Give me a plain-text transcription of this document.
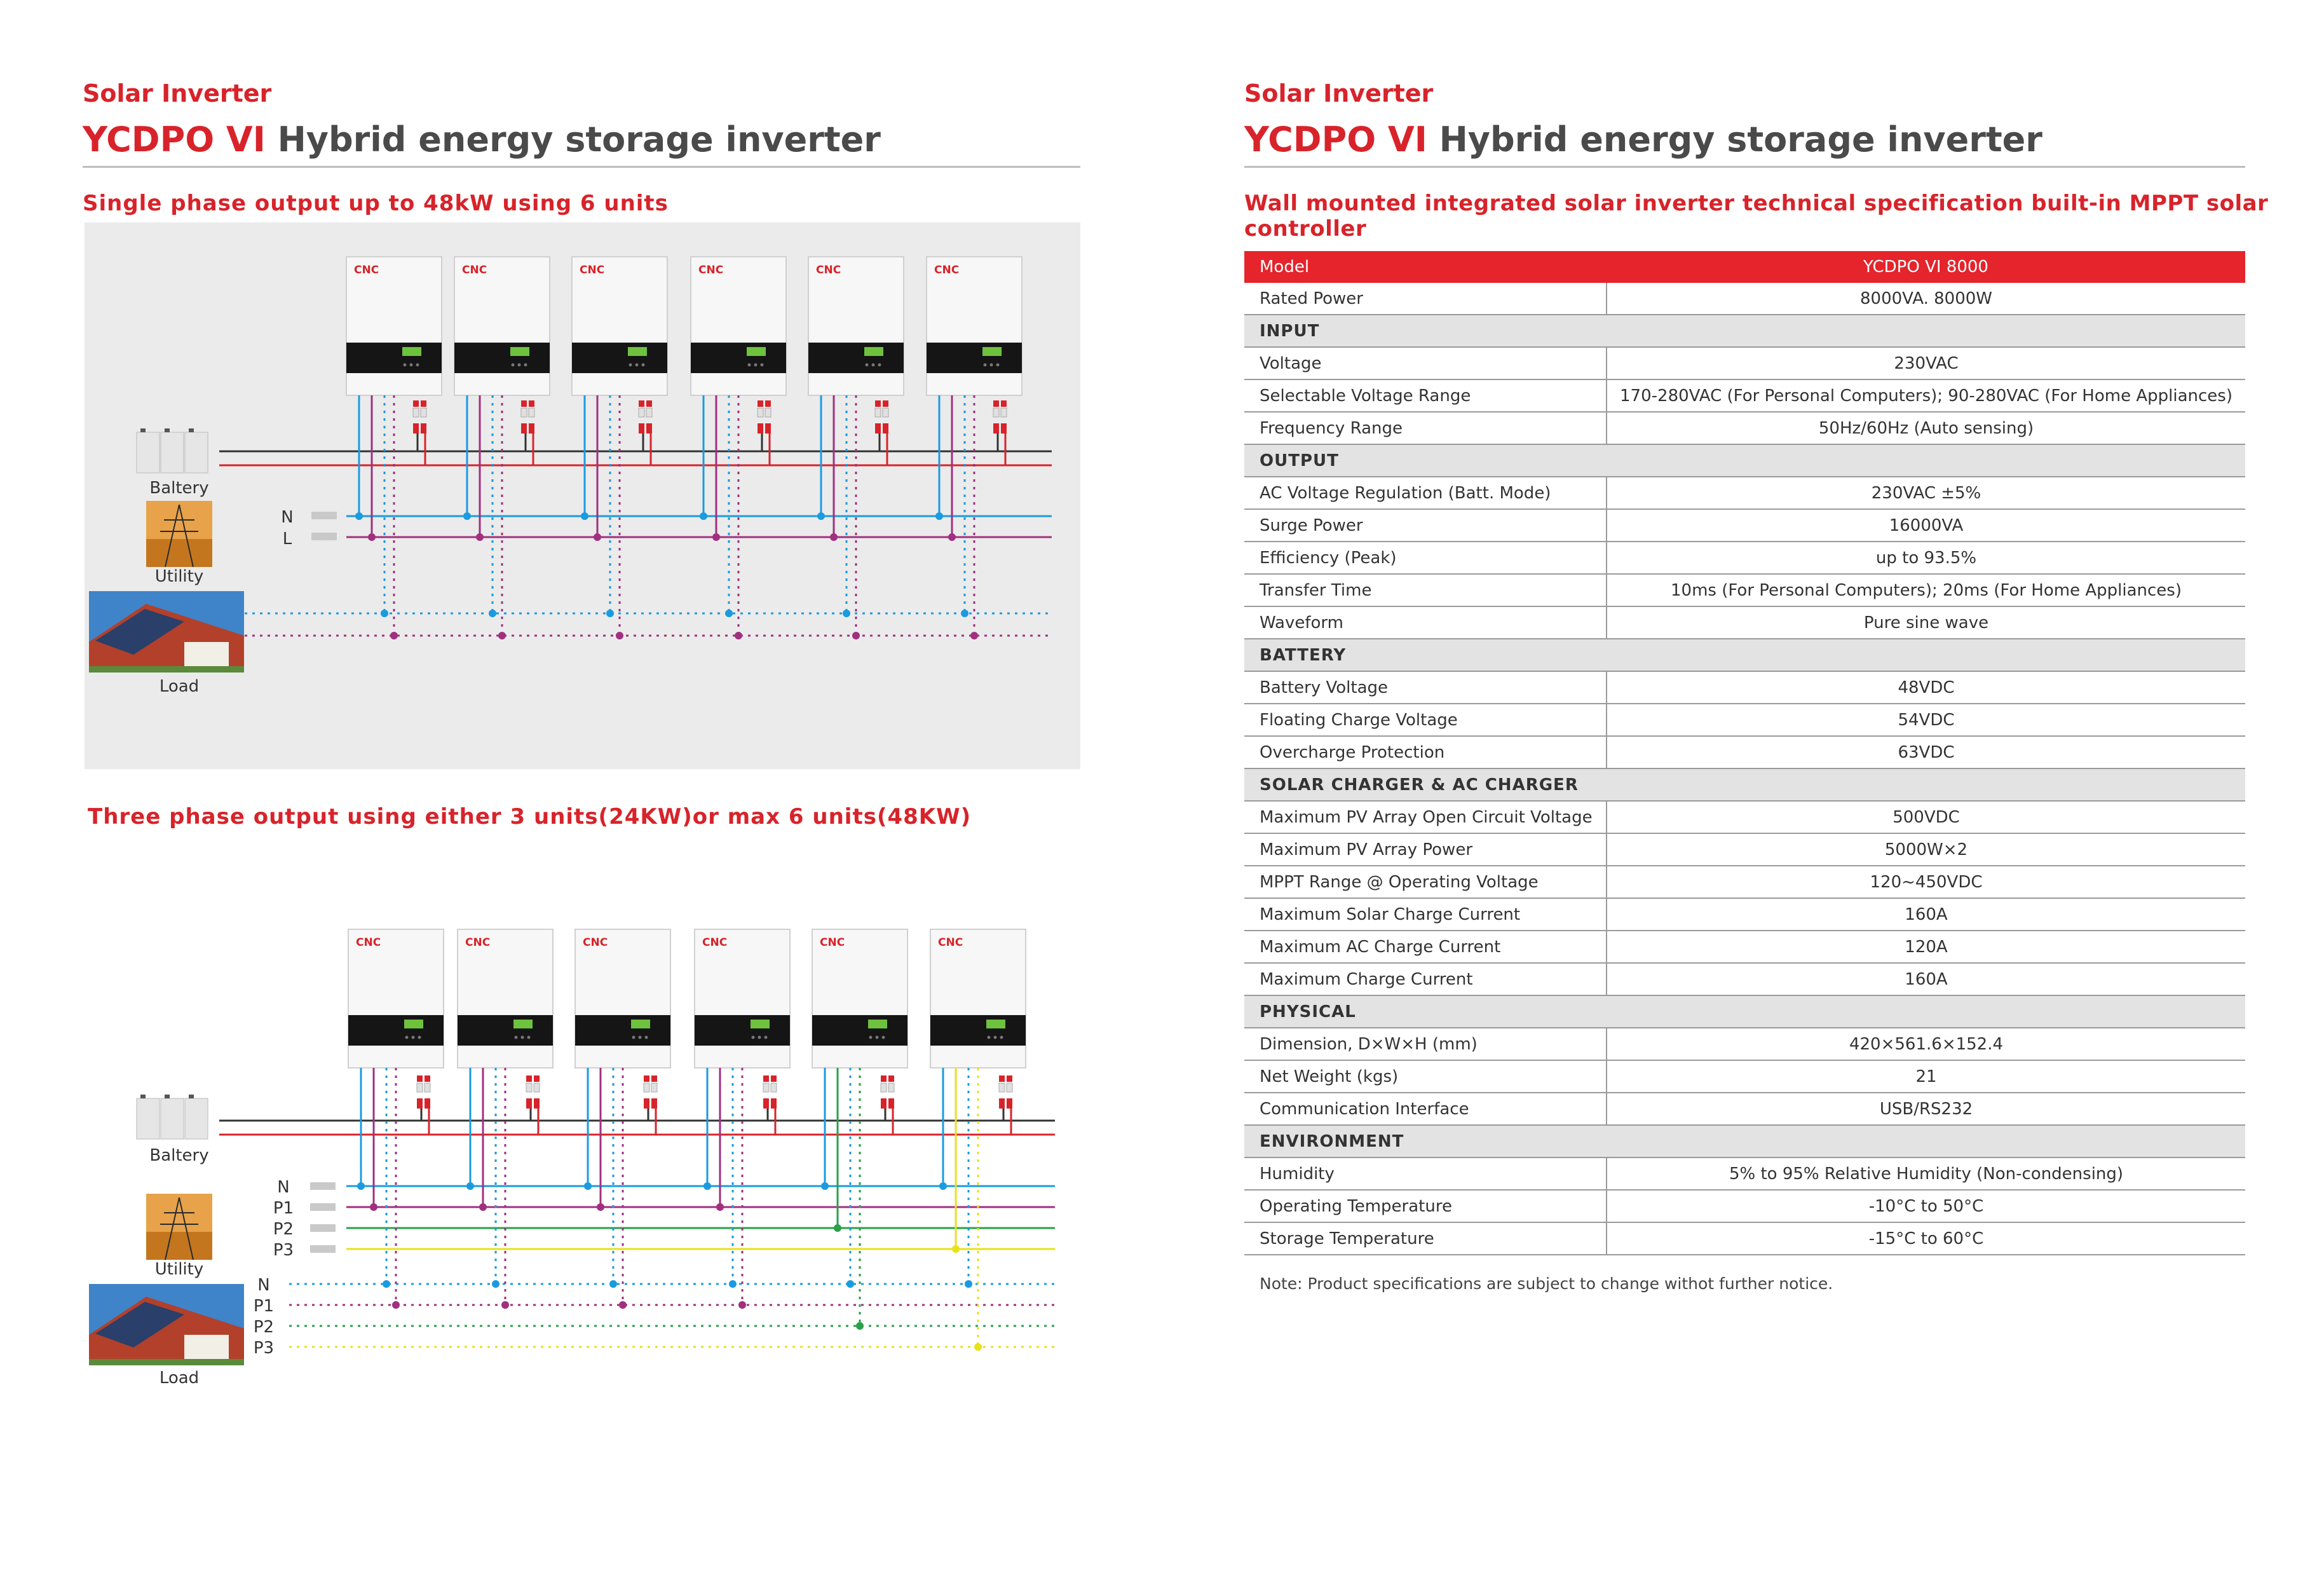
Solar Inverter
YCDPO VI Hybrid energy storage inverter
Single phase output up to 48kW using 6 units
CNC	CNC	CNC	CNC	CNC	CNC
Baltery
Utility
Load
N
L
Three phase output using either 3 units(24KW)or max 6 units(48KW)
CNC	CNC	CNC	CNC	CNC	CNC
Baltery
Utility
Load
N
P1
P2
P3
N
P1
P2
P3
Solar Inverter
YCDPO VI Hybrid energy storage inverter
Wall mounted integrated solar inverter technical specification built-in MPPT solar
controller
Model	YCDPO VI 8000
Rated Power	8000VA. 8000W
INPUT	
Voltage	230VAC
Selectable Voltage Range	170-280VAC (For Personal Computers); 90-280VAC (For Home Appliances)
Frequency Range	50Hz/60Hz (Auto sensing)
OUTPUT	
AC Voltage Regulation (Batt. Mode)	230VAC ±5%
Surge Power	16000VA
Efficiency (Peak)	up to 93.5%
Transfer Time	10ms (For Personal Computers); 20ms (For Home Appliances)
Waveform	Pure sine wave
BATTERY	
Battery Voltage	48VDC
Floating Charge Voltage	54VDC
Overcharge Protection	63VDC
SOLAR CHARGER & AC CHARGER	
Maximum PV Array Open Circuit Voltage	500VDC
Maximum PV Array Power	5000W×2
MPPT Range @ Operating Voltage	120~450VDC
Maximum Solar Charge Current	160A
Maximum AC Charge Current	120A
Maximum Charge Current	160A
PHYSICAL	
Dimension, D×W×H (mm)	420×561.6×152.4
Net Weight (kgs)	21
Communication Interface	USB/RS232
ENVIRONMENT	
Humidity	5% to 95% Relative Humidity (Non-condensing)
Operating Temperature	-10°C to 50°C
Storage Temperature	-15°C to 60°C
Note: Product specifications are subject to change withot further notice.
